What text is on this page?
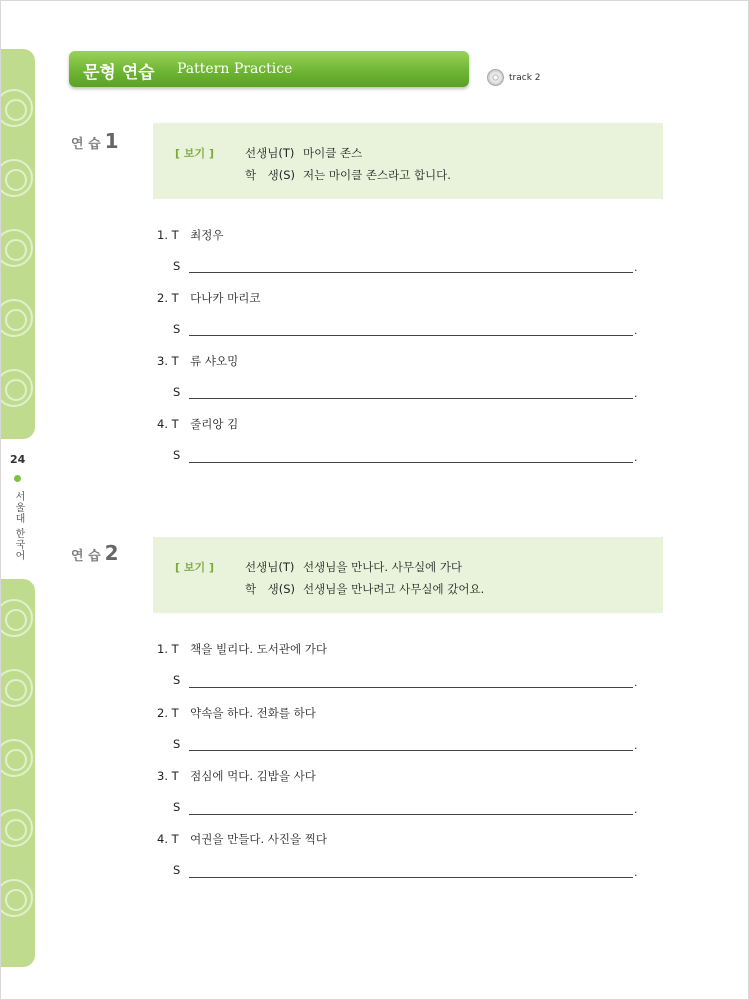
24
서울대 한국어
문형 연습 Pattern Practice
track 2
연 습 1
[ 보기 ]	선생님(T) 마이클 존스
학　생(S) 저는 마이클 존스라고 합니다.
1. T　최정우
S	.
2. T　다나카 마리코
S	.
3. T　류 샤오밍
S	.
4. T　줄리앙 김
S	.
연 습 2
[ 보기 ]	선생님(T) 선생님을 만나다. 사무실에 가다
학　생(S) 선생님을 만나려고 사무실에 갔어요.
1. T　책을 빌리다. 도서관에 가다
S	.
2. T　약속을 하다. 전화를 하다
S	.
3. T　점심에 먹다. 김밥을 사다
S	.
4. T　여권을 만들다. 사진을 찍다
S	.
